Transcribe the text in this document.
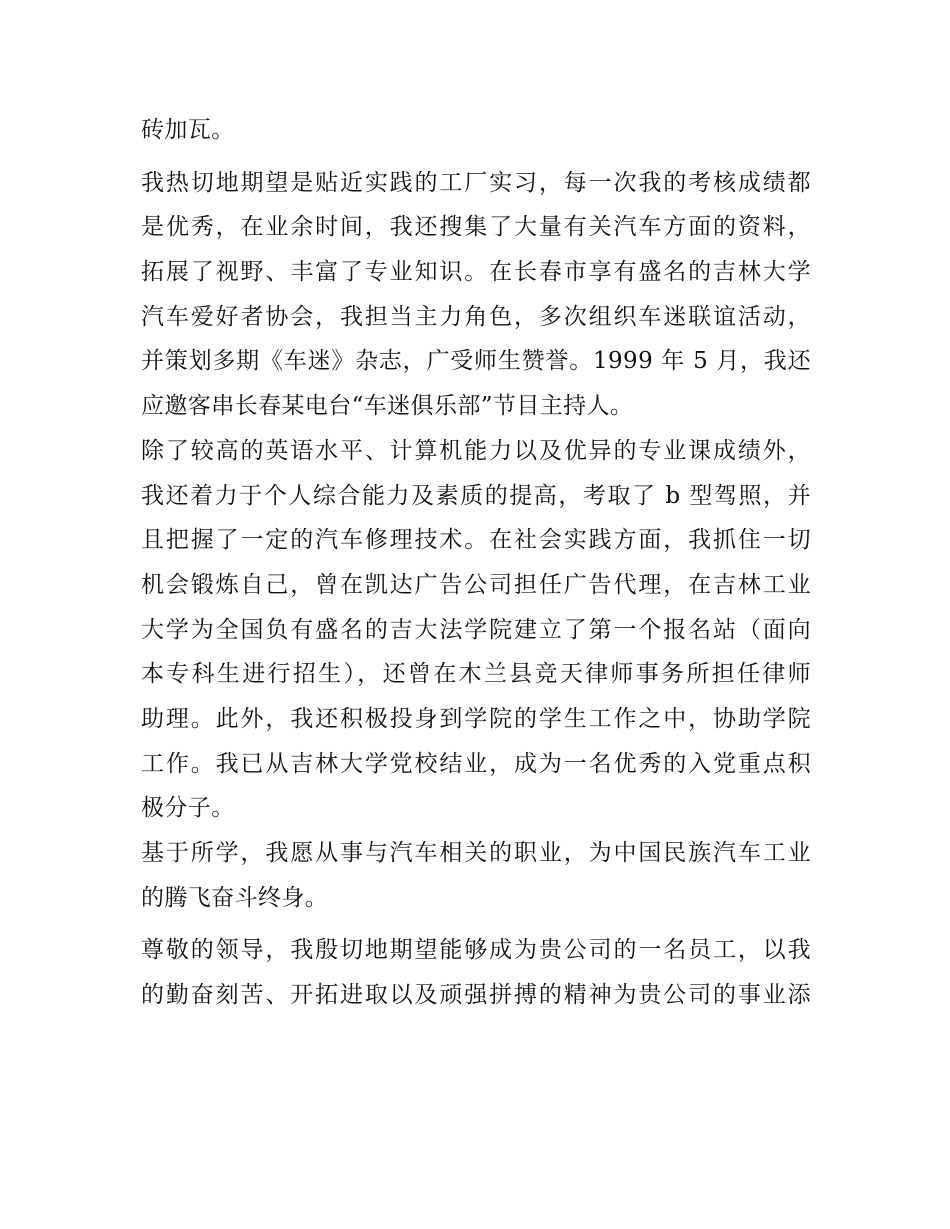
砖加瓦。
我热切地期望是贴近实践的工厂实习，每一次我的考核成绩都
是优秀，在业余时间，我还搜集了大量有关汽车方面的资料，
拓展了视野、丰富了专业知识。在长春市享有盛名的吉林大学
汽车爱好者协会，我担当主力角色，多次组织车迷联谊活动，
并策划多期《车迷》杂志，广受师生赞誉。1999 年 5 月，我还
应邀客串长春某电台“车迷俱乐部”节目主持人。
除了较高的英语水平、计算机能力以及优异的专业课成绩外，
我还着力于个人综合能力及素质的提高，考取了 b 型驾照，并
且把握了一定的汽车修理技术。在社会实践方面，我抓住一切
机会锻炼自己，曾在凯达广告公司担任广告代理，在吉林工业
大学为全国负有盛名的吉大法学院建立了第一个报名站（面向
本专科生进行招生），还曾在木兰县竞天律师事务所担任律师
助理。此外，我还积极投身到学院的学生工作之中，协助学院
工作。我已从吉林大学党校结业，成为一名优秀的入党重点积
极分子。
基于所学，我愿从事与汽车相关的职业，为中国民族汽车工业
的腾飞奋斗终身。
尊敬的领导，我殷切地期望能够成为贵公司的一名员工，以我
的勤奋刻苦、开拓进取以及顽强拼搏的精神为贵公司的事业添
